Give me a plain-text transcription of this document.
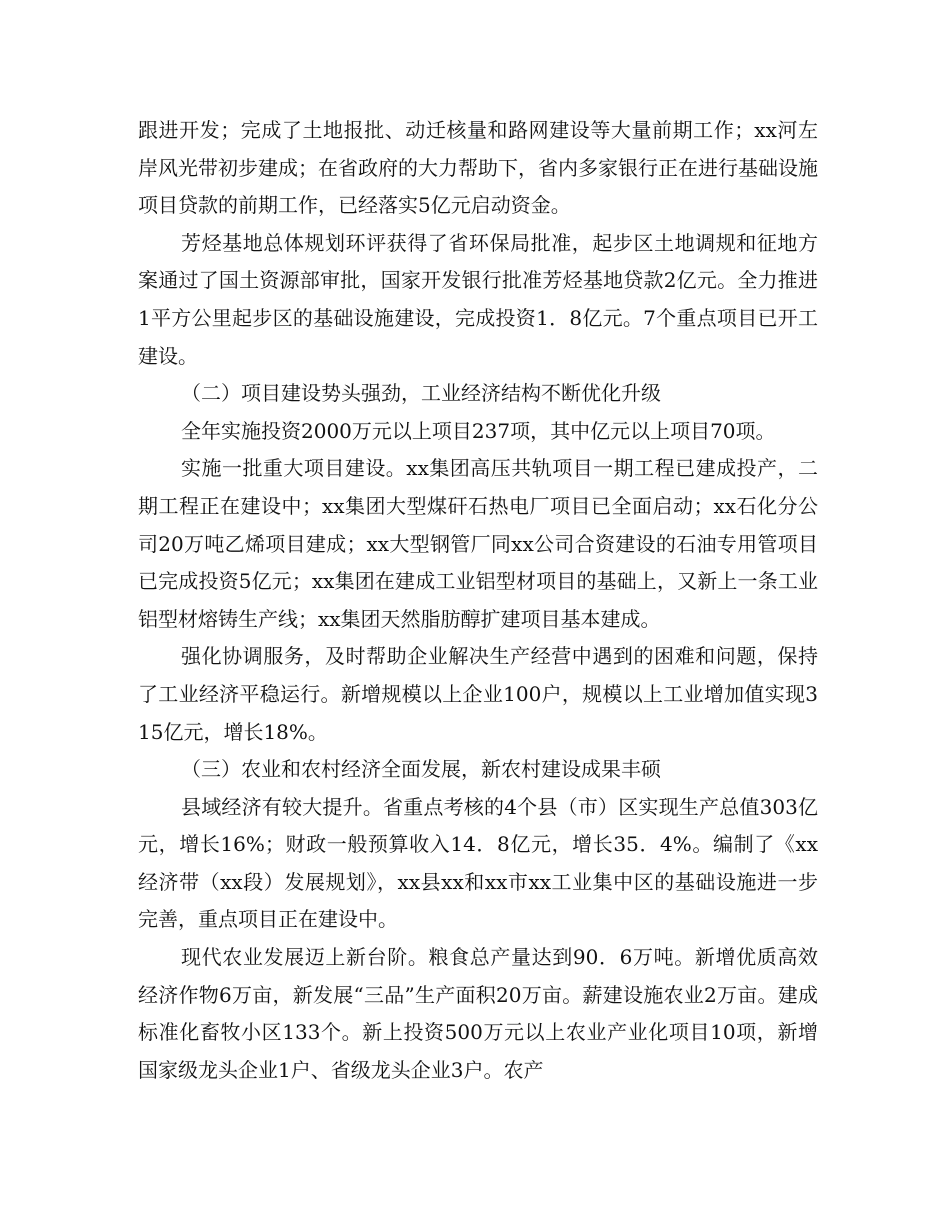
跟进开发；完成了土地报批、动迁核量和路网建设等大量前期工作；xx河左岸风光带初步建成；在省政府的大力帮助下，省内多家银行正在进行基础设施项目贷款的前期工作，已经落实5亿元启动资金。

芳烃基地总体规划环评获得了省环保局批准，起步区土地调规和征地方案通过了国土资源部审批，国家开发银行批准芳烃基地贷款2亿元。全力推进1平方公里起步区的基础设施建设，完成投资1．8亿元。7个重点项目已开工建设。

（二）项目建设势头强劲，工业经济结构不断优化升级

全年实施投资2000万元以上项目237项，其中亿元以上项目70项。

实施一批重大项目建设。xx集团高压共轨项目一期工程已建成投产，二期工程正在建设中；xx集团大型煤矸石热电厂项目已全面启动；xx石化分公司20万吨乙烯项目建成；xx大型钢管厂同xx公司合资建设的石油专用管项目已完成投资5亿元；xx集团在建成工业铝型材项目的基础上，又新上一条工业铝型材熔铸生产线；xx集团天然脂肪醇扩建项目基本建成。

强化协调服务，及时帮助企业解决生产经营中遇到的困难和问题，保持了工业经济平稳运行。新增规模以上企业100户，规模以上工业增加值实现315亿元，增长18%。

（三）农业和农村经济全面发展，新农村建设成果丰硕

县域经济有较大提升。省重点考核的4个县（市）区实现生产总值303亿元，增长16%；财政一般预算收入14．8亿元，增长35．4%。编制了《xx经济带（xx段）发展规划》，xx县xx和xx市xx工业集中区的基础设施进一步完善，重点项目正在建设中。

现代农业发展迈上新台阶。粮食总产量达到90．6万吨。新增优质高效经济作物6万亩，新发展“三品”生产面积20万亩。薪建设施农业2万亩。建成标准化畜牧小区133个。新上投资500万元以上农业产业化项目10项，新增国家级龙头企业1户、省级龙头企业3户。农产
